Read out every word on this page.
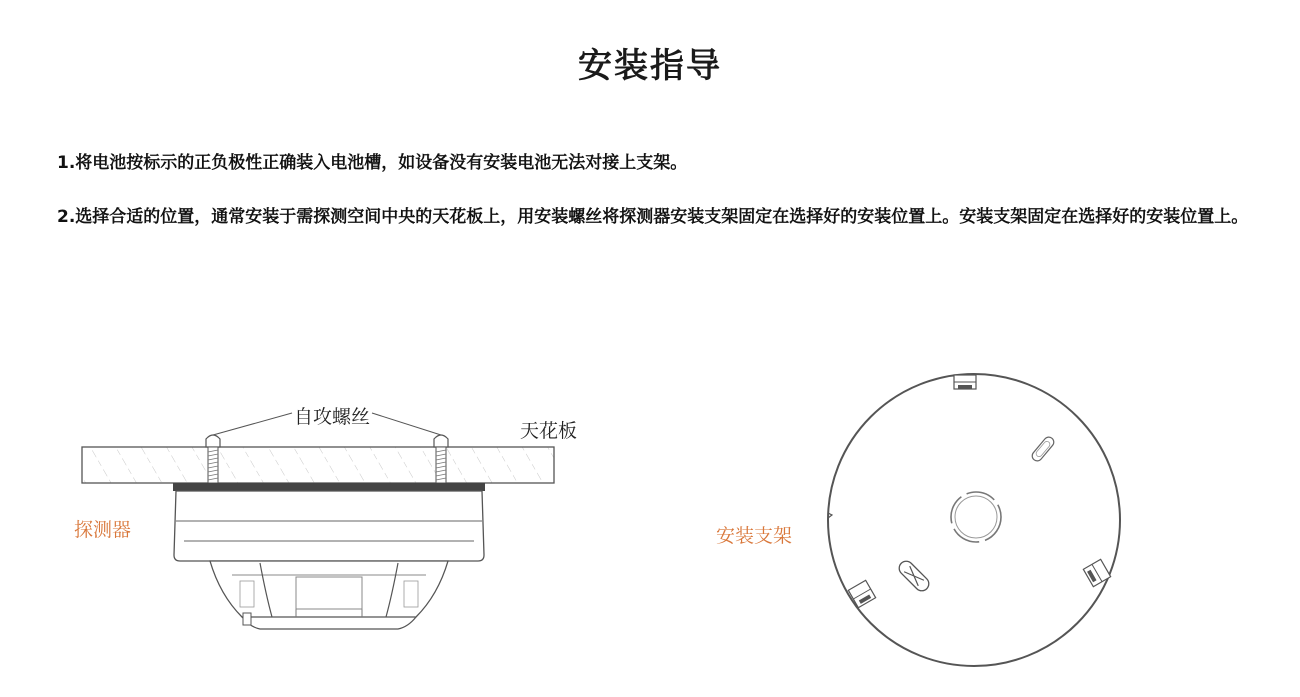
安装指导
1.将电池按标示的正负极性正确装入电池槽，如设备没有安装电池无法对接上支架。
2.选择合适的位置，通常安装于需探测空间中央的天花板上，用安装螺丝将探测器安装支架固定在选择好的安装位置上。安装支架固定在选择好的安装位置上。
自攻螺丝
天花板
探测器	安装支架
